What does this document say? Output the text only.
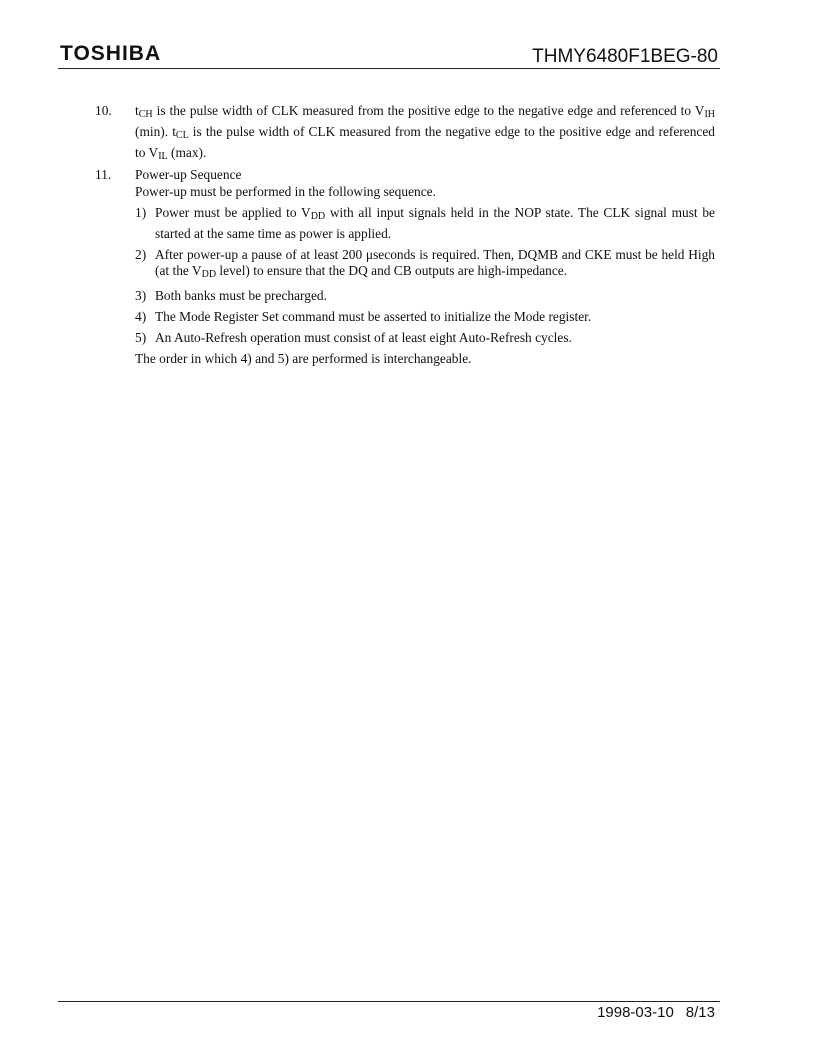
TOSHIBA	THMY6480F1BEG-80
10.	$t_{CH}$ is the pulse width of CLK measured from the positive edge to the negative edge and referenced to $V_{IH}$ (min). $t_{CL}$ is the pulse width of CLK measured from the negative edge to the positive edge and referenced to $V_{IL}$ (max).
11.	Power-up Sequence
Power-up must be performed in the following sequence.
1) Power must be applied to $V_{DD}$ with all input signals held in the NOP state. The CLK signal must be started at the same time as power is applied.
2) After power-up a pause of at least 200 μseconds is required. Then, DQMB and CKE must be held High (at the $V_{DD}$ level) to ensure that the DQ and CB outputs are high-impedance.
3) Both banks must be precharged.
4) The Mode Register Set command must be asserted to initialize the Mode register.
5) An Auto-Refresh operation must consist of at least eight Auto-Refresh cycles.
The order in which 4) and 5) are performed is interchangeable.
1998-03-10 8/13
